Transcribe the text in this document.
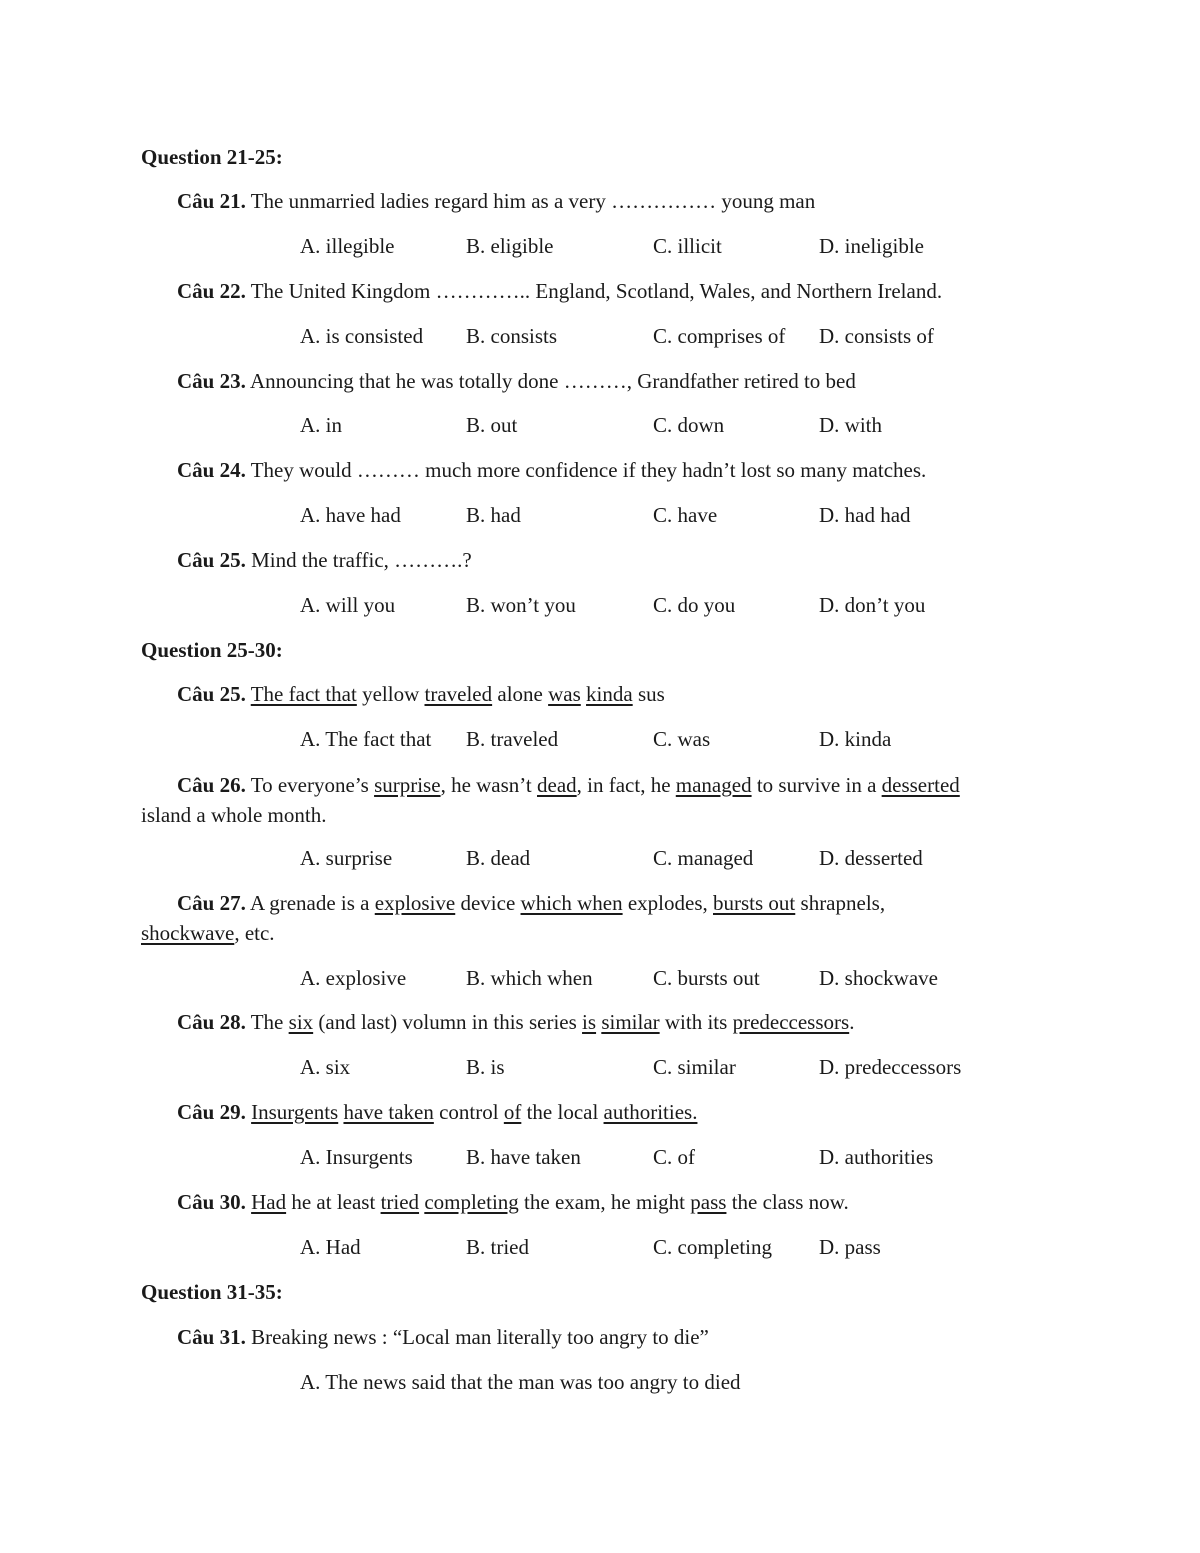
Question 21-25:
Câu 21. The unmarried ladies regard him as a very …………… young man
A. illegible	B. eligible	C. illicit	D. ineligible
Câu 22. The United Kingdom ………….. England, Scotland, Wales, and Northern Ireland.
A. is consisted B. consists	C. comprises of D. consists of
Câu 23. Announcing that he was totally done ………, Grandfather retired to bed
A. in	B. out	C. down	D. with
Câu 24. They would ……… much more confidence if they hadn’t lost so many matches.
A. have had	B. had	C. have	D. had had
Câu 25. Mind the traffic, ……….?
A. will you	B. won’t you	C. do you	D. don’t you
Question 25-30:
Câu 25. The fact that yellow traveled alone was kinda sus
A. The fact that B. traveled	C. was	D. kinda
Câu 26. To everyone’s surprise, he wasn’t dead, in fact, he managed to survive in a desserted
island a whole month.
A. surprise	B. dead	C. managed	D. desserted
Câu 27. A grenade is a explosive device which when explodes, bursts out shrapnels,
shockwave, etc.
A. explosive	B. which when	C. bursts out	D. shockwave
Câu 28. The six (and last) volumn in this series is similar with its predeccessors.
A. six	B. is	C. similar	D. predeccessors
Câu 29. Insurgents have taken control of the local authorities.
A. Insurgents	B. have taken	C. of	D. authorities
Câu 30. Had he at least tried completing the exam, he might pass the class now.
A. Had	B. tried	C. completing D. pass
Question 31-35:
Câu 31. Breaking news : “Local man literally too angry to die”
A. The news said that the man was too angry to died
